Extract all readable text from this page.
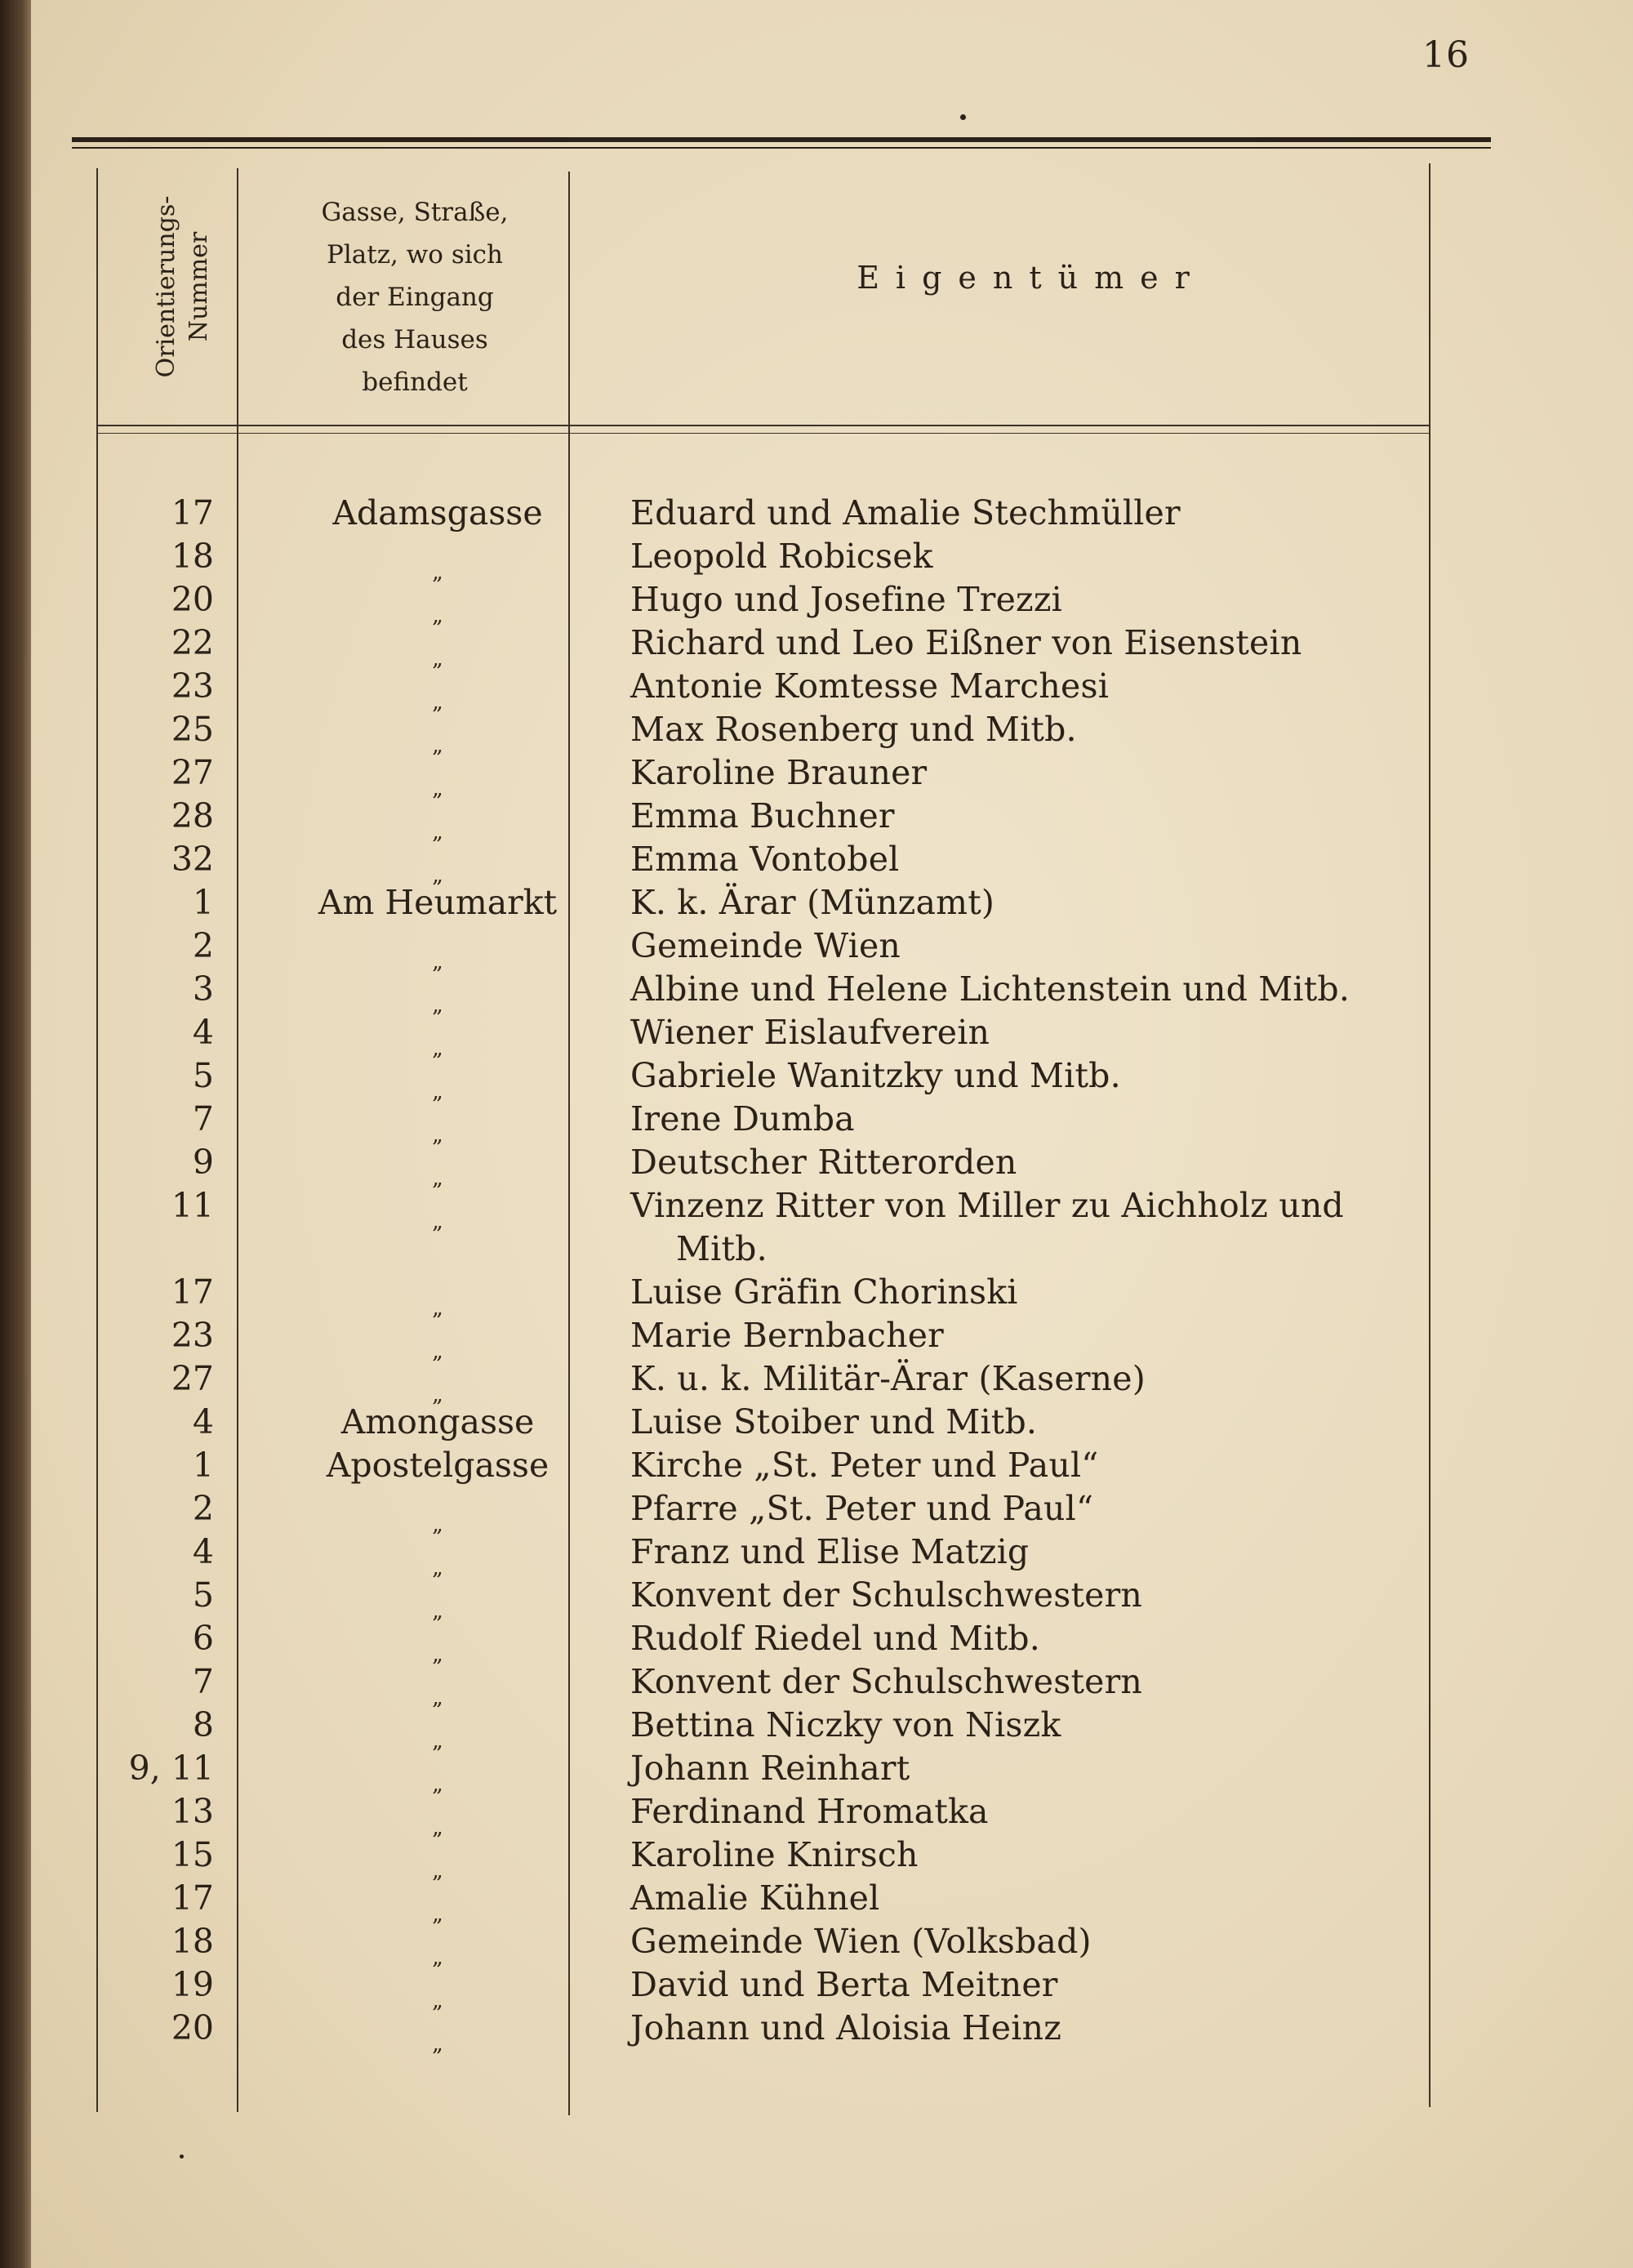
16
Orientierungs-
Nummer
Gasse, Straße,
Platz, wo sich
der Eingang
des Hauses
befindet
Eigentümer
17	Adamsgasse	Eduard und Amalie Stechmüller
18	$_„$	Leopold Robicsek
20	$_„$	Hugo und Josefine Trezzi
22	$_„$	Richard und Leo Eißner von Eisenstein
23	$_„$	Antonie Komtesse Marchesi
25	$_„$	Max Rosenberg und Mitb.
27	$_„$	Karoline Brauner
28	$_„$	Emma Buchner
32	$_„$	Emma Vontobel
1	Am Heumarkt	K. k. Ärar (Münzamt)
2	$_„$	Gemeinde Wien
3	$_„$	Albine und Helene Lichtenstein und Mitb.
4	$_„$	Wiener Eislaufverein
5	$_„$	Gabriele Wanitzky und Mitb.
7	$_„$	Irene Dumba
9	$_„$	Deutscher Ritterorden
11	$_„$	Vinzenz Ritter von Miller zu Aichholz und
Mitb.
17	$_„$	Luise Gräfin Chorinski
23	$_„$	Marie Bernbacher
27	$_„$	K. u. k. Militär-Ärar (Kaserne)
4	Amongasse	Luise Stoiber und Mitb.
1	Apostelgasse	Kirche „St. Peter und Paul“
2	$_„$	Pfarre „St. Peter und Paul“
4	$_„$	Franz und Elise Matzig
5	$_„$	Konvent der Schulschwestern
6	$_„$	Rudolf Riedel und Mitb.
7	$_„$	Konvent der Schulschwestern
8	$_„$	Bettina Niczky von Niszk
9, 11	$_„$	Johann Reinhart
13	$_„$	Ferdinand Hromatka
15	$_„$	Karoline Knirsch
17	$_„$	Amalie Kühnel
18	$_„$	Gemeinde Wien (Volksbad)
19	$_„$	David und Berta Meitner
20	$_„$	Johann und Aloisia Heinz
